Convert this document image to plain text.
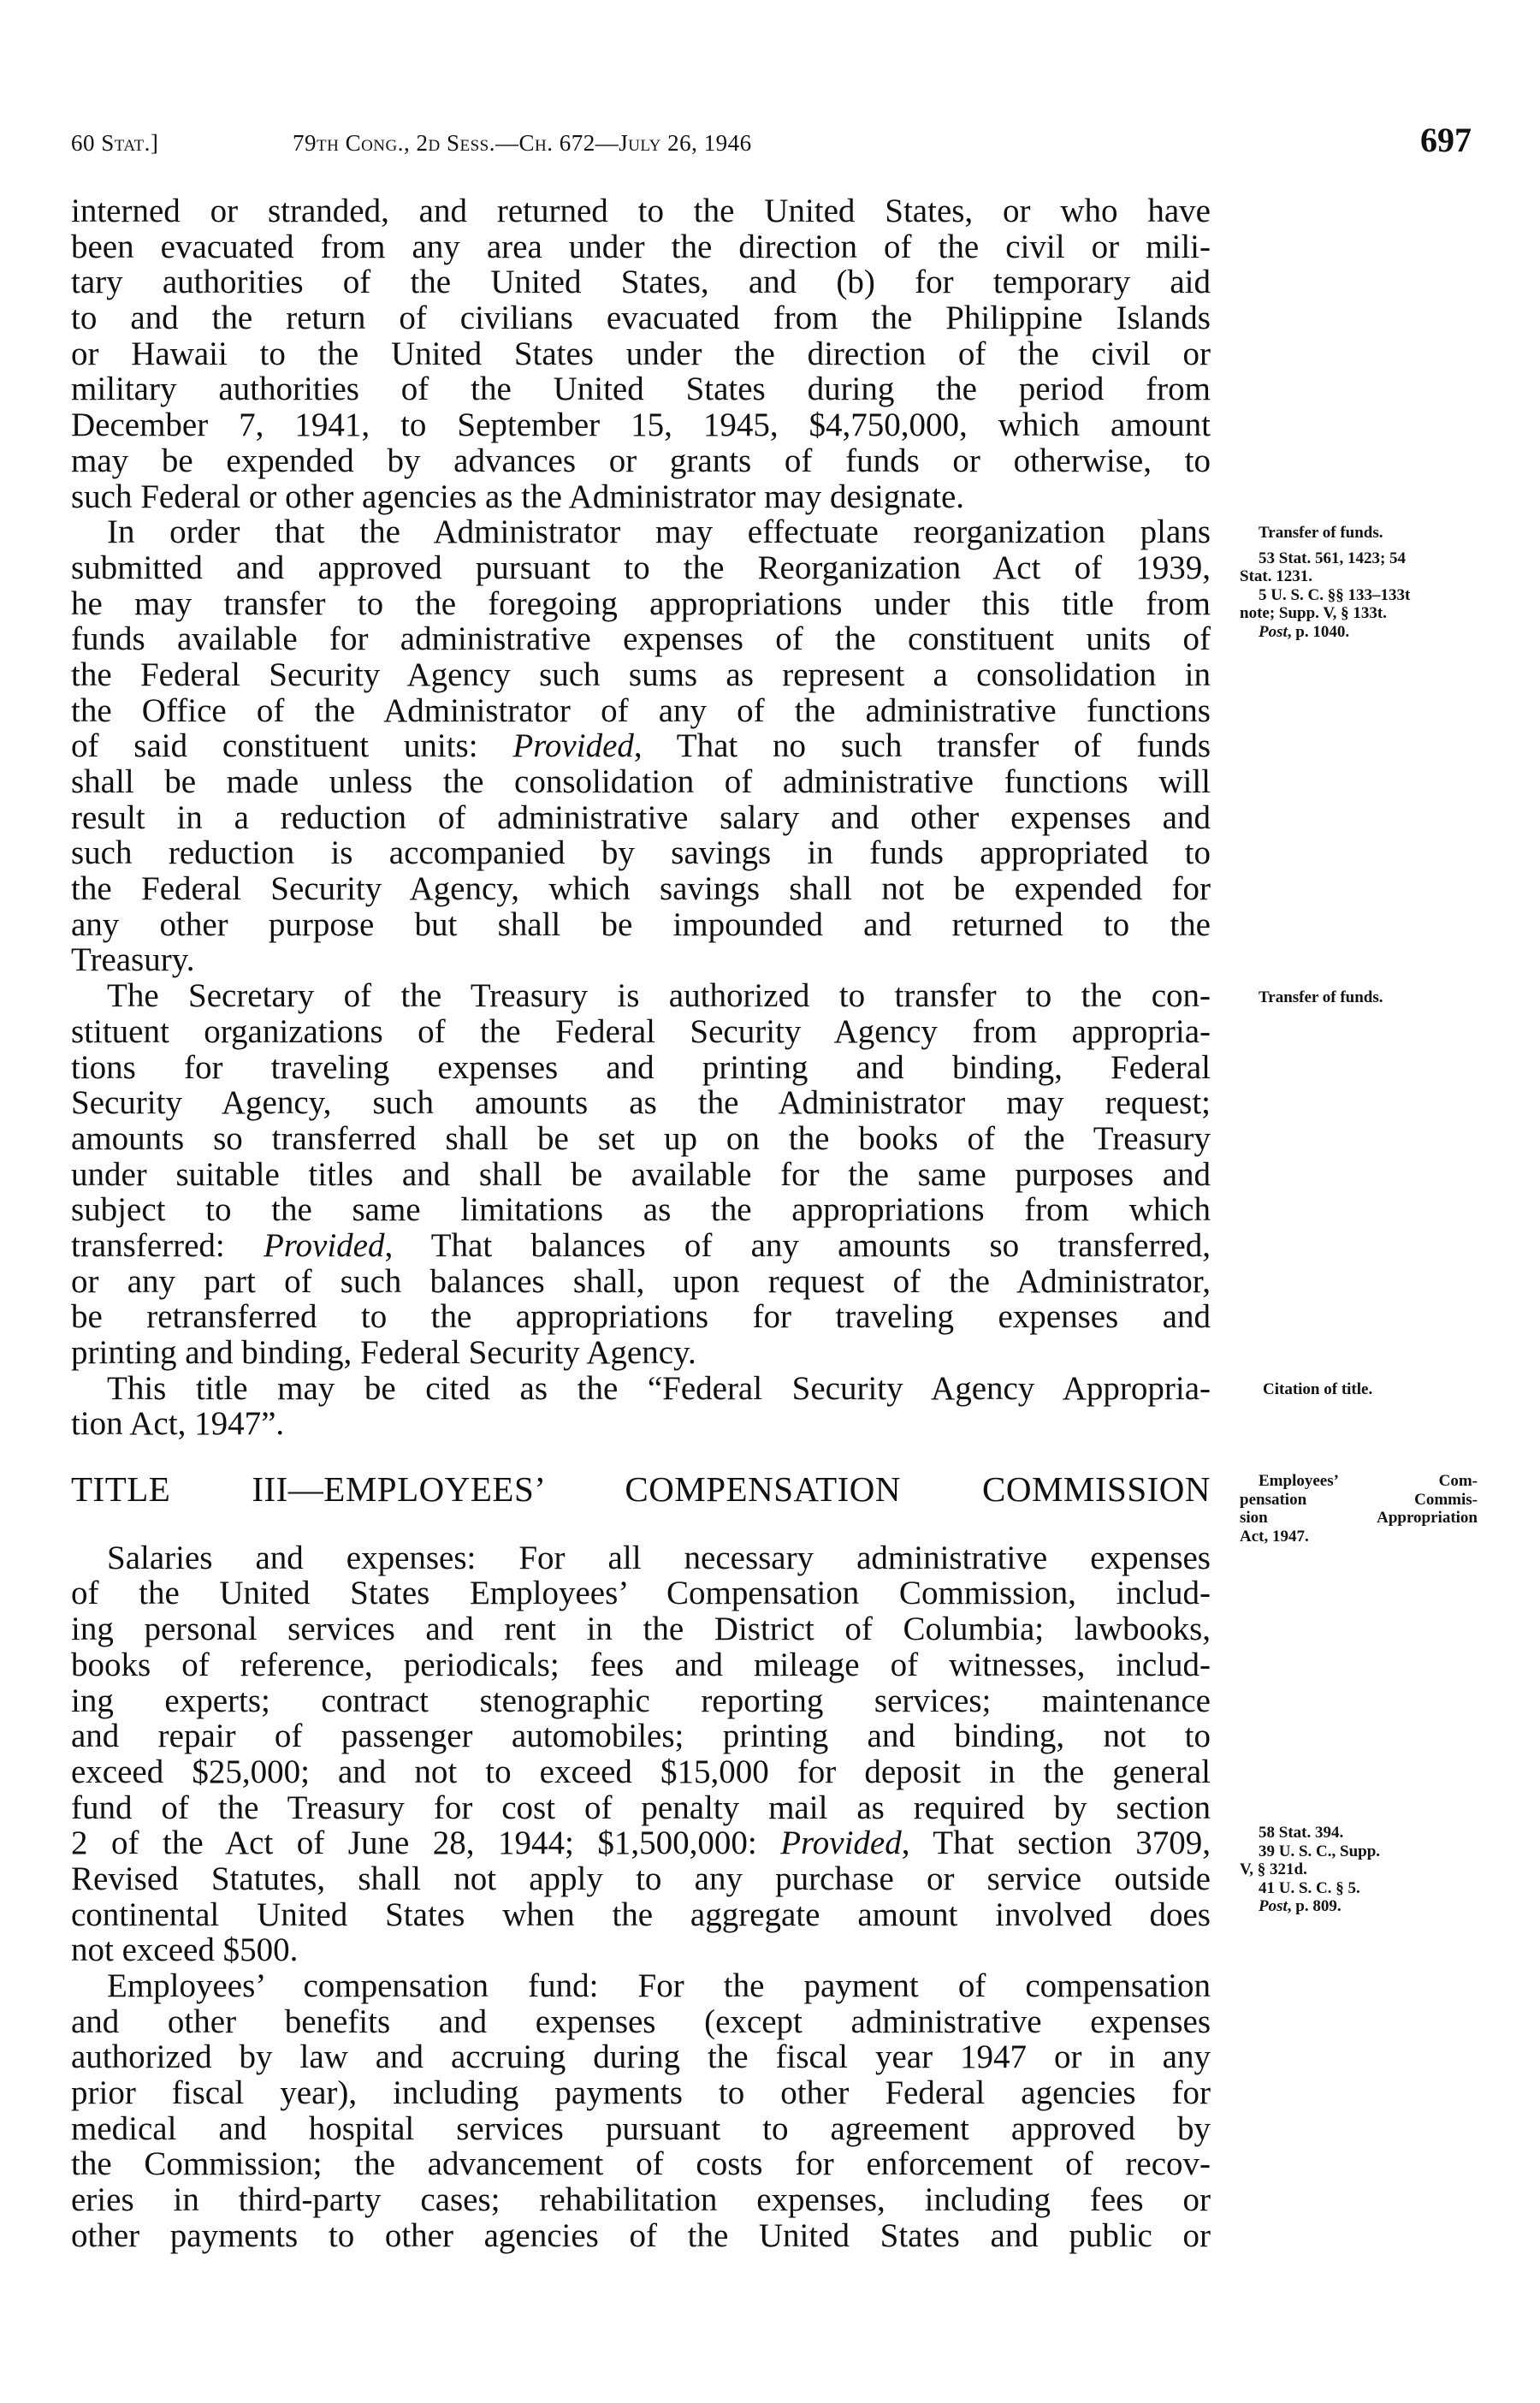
60 Stat.]	79th Cong., 2d Sess.—Ch. 672—July 26, 1946	697
interned or stranded, and returned to the United States, or who have
been evacuated from any area under the direction of the civil or mili-
tary authorities of the United States, and (b) for temporary aid
to and the return of civilians evacuated from the Philippine Islands
or Hawaii to the United States under the direction of the civil or
military authorities of the United States during the period from
December 7, 1941, to September 15, 1945, $4,750,000, which amount
may be expended by advances or grants of funds or otherwise, to
such Federal or other agencies as the Administrator may designate.
In order that the Administrator may effectuate reorganization plans
submitted and approved pursuant to the Reorganization Act of 1939,
he may transfer to the foregoing appropriations under this title from
funds available for administrative expenses of the constituent units of
the Federal Security Agency such sums as represent a consolidation in
the Office of the Administrator of any of the administrative functions
of said constituent units: Provided, That no such transfer of funds
shall be made unless the consolidation of administrative functions will
result in a reduction of administrative salary and other expenses and
such reduction is accompanied by savings in funds appropriated to
the Federal Security Agency, which savings shall not be expended for
any other purpose but shall be impounded and returned to the
Treasury.
The Secretary of the Treasury is authorized to transfer to the con-
stituent organizations of the Federal Security Agency from appropria-
tions for traveling expenses and printing and binding, Federal
Security Agency, such amounts as the Administrator may request;
amounts so transferred shall be set up on the books of the Treasury
under suitable titles and shall be available for the same purposes and
subject to the same limitations as the appropriations from which
transferred: Provided, That balances of any amounts so transferred,
or any part of such balances shall, upon request of the Administrator,
be retransferred to the appropriations for traveling expenses and
printing and binding, Federal Security Agency.
This title may be cited as the “Federal Security Agency Appropria-
tion Act, 1947”.
TITLE III—EMPLOYEES’ COMPENSATION COMMISSION
Salaries and expenses: For all necessary administrative expenses
of the United States Employees’ Compensation Commission, includ-
ing personal services and rent in the District of Columbia; lawbooks,
books of reference, periodicals; fees and mileage of witnesses, includ-
ing experts; contract stenographic reporting services; maintenance
and repair of passenger automobiles; printing and binding, not to
exceed $25,000; and not to exceed $15,000 for deposit in the general
fund of the Treasury for cost of penalty mail as required by section
2 of the Act of June 28, 1944; $1,500,000: Provided, That section 3709,
Revised Statutes, shall not apply to any purchase or service outside
continental United States when the aggregate amount involved does
not exceed $500.
Employees’ compensation fund: For the payment of compensation
and other benefits and expenses (except administrative expenses
authorized by law and accruing during the fiscal year 1947 or in any
prior fiscal year), including payments to other Federal agencies for
medical and hospital services pursuant to agreement approved by
the Commission; the advancement of costs for enforcement of recov-
eries in third-party cases; rehabilitation expenses, including fees or
other payments to other agencies of the United States and public or
Transfer of funds.
53 Stat. 561, 1423; 54
Stat. 1231.
5 U. S. C. §§ 133–133t
note; Supp. V, § 133t.
Post, p. 1040.
Transfer of funds.
Citation of title.
Employees’ Com-
pensation Commis-
sion Appropriation
Act, 1947.
58 Stat. 394.
39 U. S. C., Supp.
V, § 321d.
41 U. S. C. § 5.
Post, p. 809.
